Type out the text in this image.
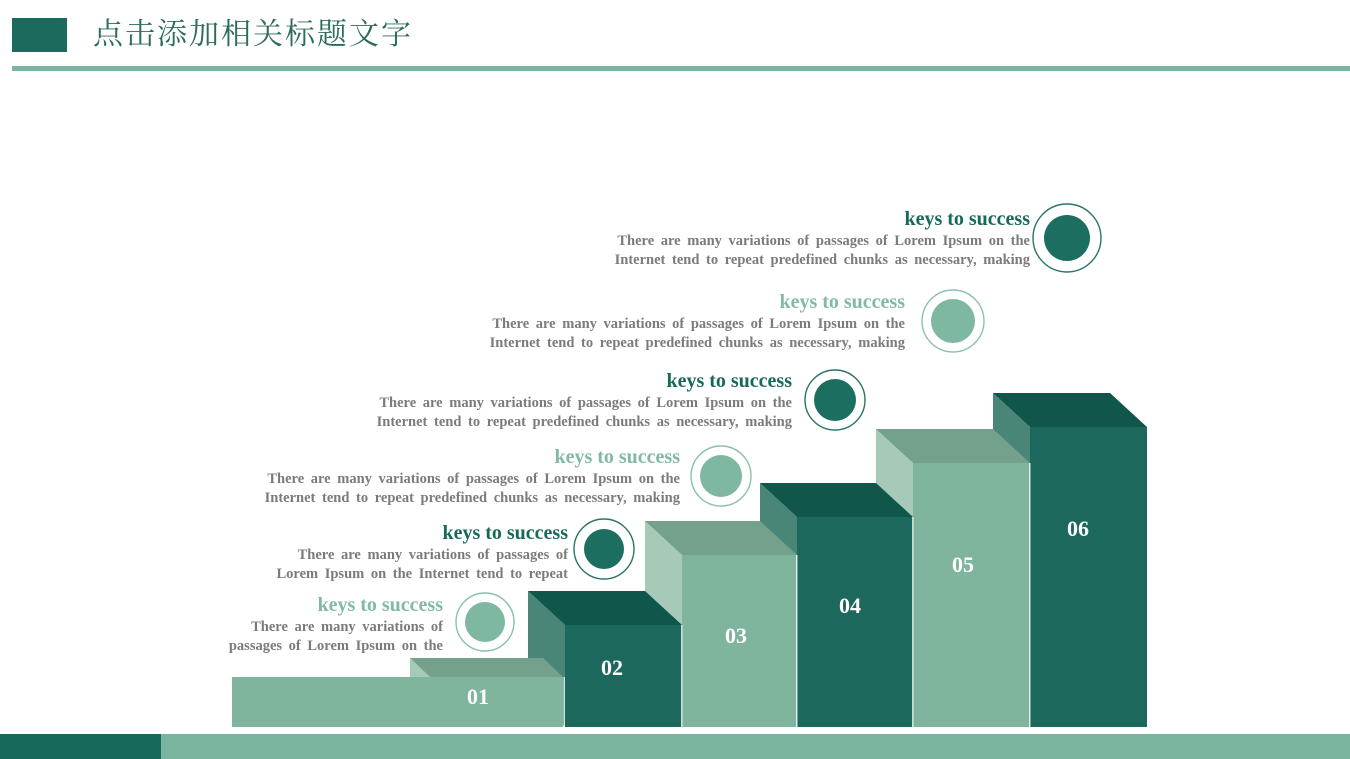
点击添加相关标题文字
01
02
03
04
05
06
keys to success
There are many variations of passages of Lorem Ipsum on the
Internet tend to repeat predefined chunks as necessary, making
keys to success
There are many variations of passages of Lorem Ipsum on the
Internet tend to repeat predefined chunks as necessary, making
keys to success
There are many variations of passages of Lorem Ipsum on the
Internet tend to repeat predefined chunks as necessary, making
keys to success
There are many variations of passages of Lorem Ipsum on the
Internet tend to repeat predefined chunks as necessary, making
keys to success
There are many variations of passages of
Lorem Ipsum on the Internet tend to repeat
keys to success
There are many variations of
passages of Lorem Ipsum on the
